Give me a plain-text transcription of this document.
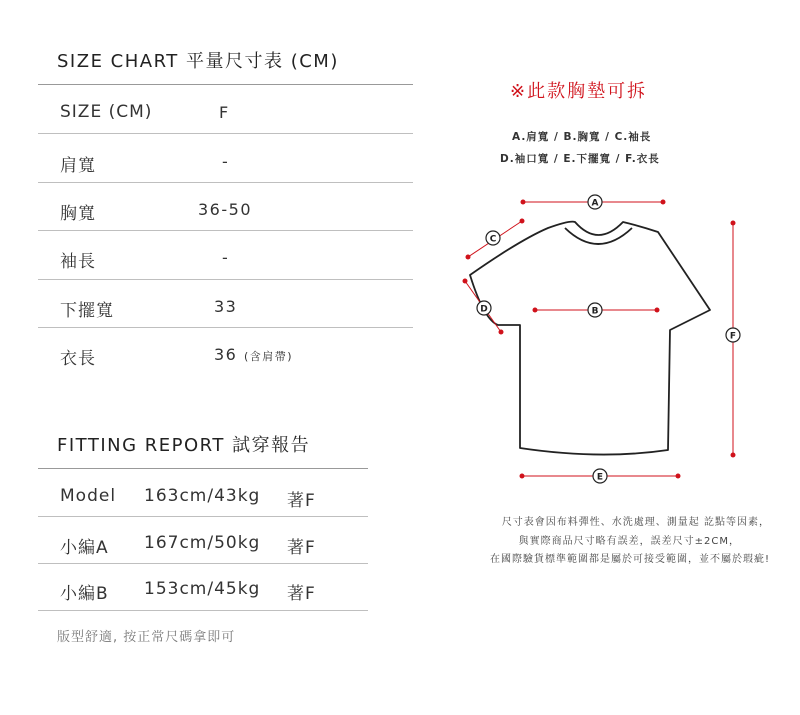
SIZE CHART 平量尺寸表 (CM)
SIZE (CM)	F
肩寬	-
胸寬	36-50
袖長	-
下擺寬	33
衣長	36 (含肩帶)
FITTING REPORT 試穿報告
Model 163cm/43kg 著F
小編A 167cm/50kg 著F
小編B 153cm/45kg 著F
版型舒適, 按正常尺碼拿即可
※此款胸墊可拆
A.肩寬 / B.胸寬 / C.袖長
D.袖口寬 / E.下擺寬 / F.衣長
A
C
D	B
E
F
尺寸表會因布料彈性、水洗處理、測量起 訖點等因素，
與實際商品尺寸略有誤差，誤差尺寸±2CM，
在國際驗貨標準範圍都是屬於可接受範圍，並不屬於瑕疵!
